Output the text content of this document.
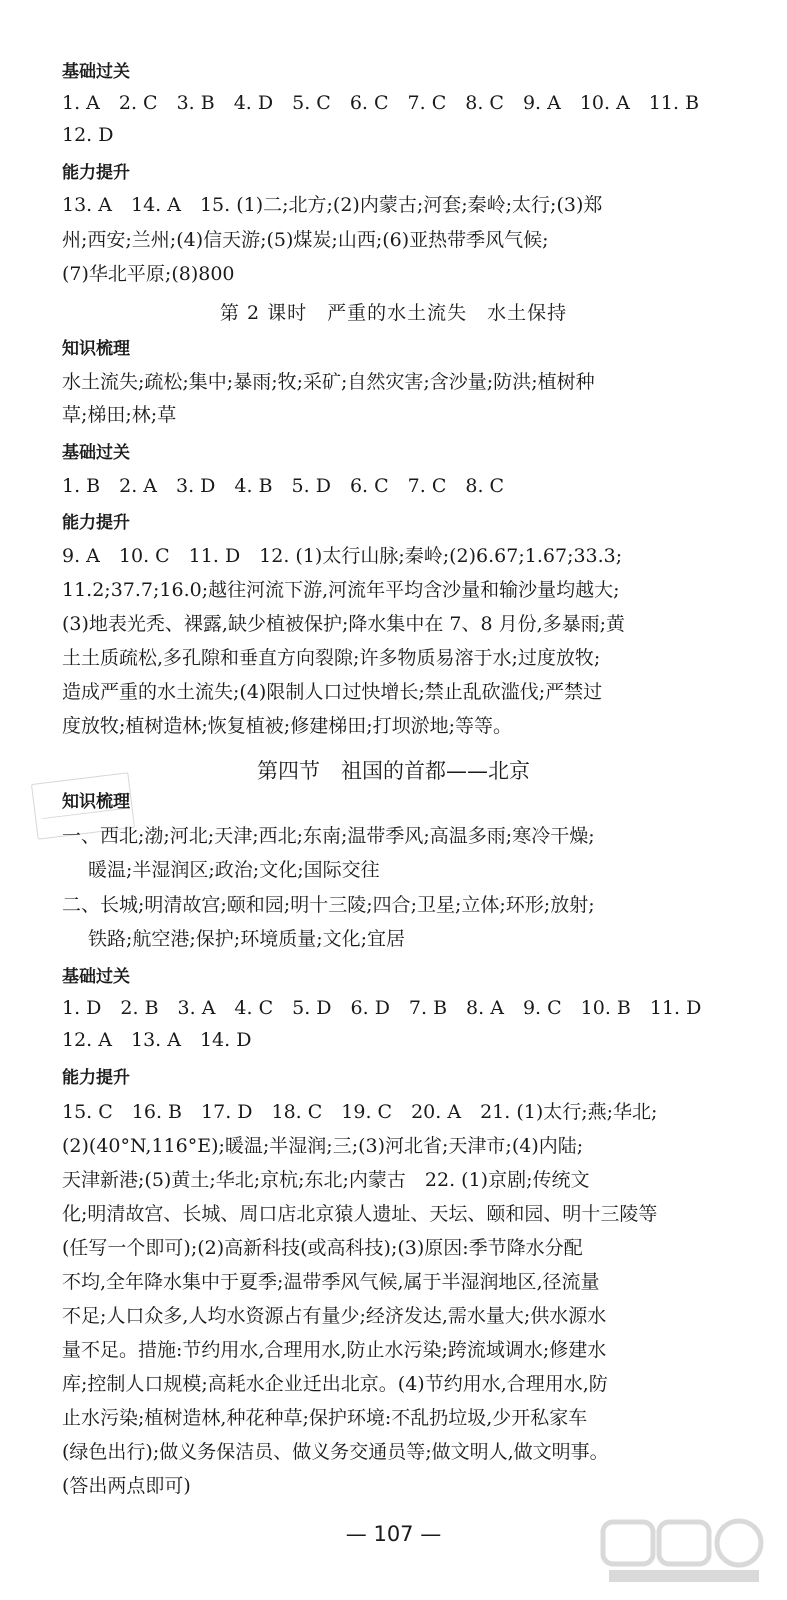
基础过关
1. A　2. C　3. B　4. D　5. C　6. C　7. C　8. C　9. A　10. A　11. B
12. D
能力提升
13. A　14. A　15. (1)二;北方;(2)内蒙古;河套;秦岭;太行;(3)郑
州;西安;兰州;(4)信天游;(5)煤炭;山西;(6)亚热带季风气候;
(7)华北平原;(8)800
第 2 课时　严重的水土流失　水土保持
知识梳理
水土流失;疏松;集中;暴雨;牧;采矿;自然灾害;含沙量;防洪;植树种
草;梯田;林;草
基础过关
1. B　2. A　3. D　4. B　5. D　6. C　7. C　8. C
能力提升
9. A　10. C　11. D　12. (1)太行山脉;秦岭;(2)6.67;1.67;33.3;
11.2;37.7;16.0;越往河流下游,河流年平均含沙量和输沙量均越大;
(3)地表光秃、裸露,缺少植被保护;降水集中在 7、8 月份,多暴雨;黄
土土质疏松,多孔隙和垂直方向裂隙;许多物质易溶于水;过度放牧;
造成严重的水土流失;(4)限制人口过快增长;禁止乱砍滥伐;严禁过
度放牧;植树造林;恢复植被;修建梯田;打坝淤地;等等。
第四节　祖国的首都——北京
知识梳理
一、西北;渤;河北;天津;西北;东南;温带季风;高温多雨;寒冷干燥;
暖温;半湿润区;政治;文化;国际交往
二、长城;明清故宫;颐和园;明十三陵;四合;卫星;立体;环形;放射;
铁路;航空港;保护;环境质量;文化;宜居
基础过关
1. D　2. B　3. A　4. C　5. D　6. D　7. B　8. A　9. C　10. B　11. D
12. A　13. A　14. D
能力提升
15. C　16. B　17. D　18. C　19. C　20. A　21. (1)太行;燕;华北;
(2)(40°N,116°E);暖温;半湿润;三;(3)河北省;天津市;(4)内陆;
天津新港;(5)黄土;华北;京杭;东北;内蒙古　22. (1)京剧;传统文
化;明清故宫、长城、周口店北京猿人遗址、天坛、颐和园、明十三陵等
(任写一个即可);(2)高新科技(或高科技);(3)原因:季节降水分配
不均,全年降水集中于夏季;温带季风气候,属于半湿润地区,径流量
不足;人口众多,人均水资源占有量少;经济发达,需水量大;供水源水
量不足。措施:节约用水,合理用水,防止水污染;跨流域调水;修建水
库;控制人口规模;高耗水企业迁出北京。(4)节约用水,合理用水,防
止水污染;植树造林,种花种草;保护环境:不乱扔垃圾,少开私家车
(绿色出行);做义务保洁员、做义务交通员等;做文明人,做文明事。
(答出两点即可)
— 107 —
